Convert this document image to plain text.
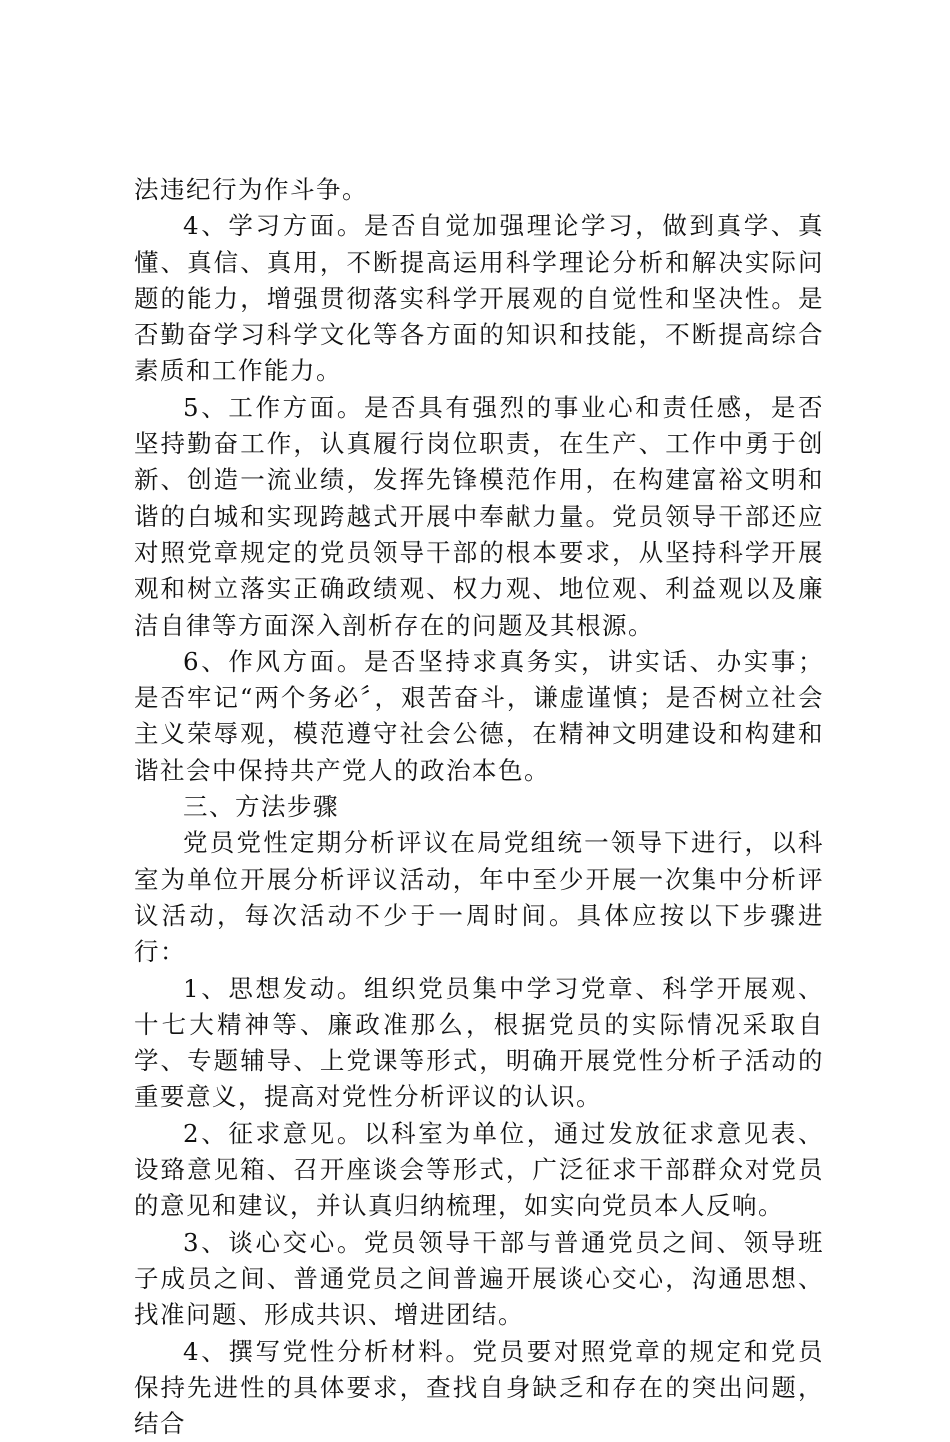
法违纪行为作斗争。

4、学习方面。是否自觉加强理论学习，做到真学、真懂、真信、真用，不断提高运用科学理论分析和解决实际问题的能力，增强贯彻落实科学开展观的自觉性和坚决性。是否勤奋学习科学文化等各方面的知识和技能，不断提高综合素质和工作能力。

5、工作方面。是否具有强烈的事业心和责任感，是否坚持勤奋工作，认真履行岗位职责，在生产、工作中勇于创新、创造一流业绩，发挥先锋模范作用，在构建富裕文明和谐的白城和实现跨越式开展中奉献力量。党员领导干部还应对照党章规定的党员领导干部的根本要求，从坚持科学开展观和树立落实正确政绩观、权力观、地位观、利益观以及廉洁自律等方面深入剖析存在的问题及其根源。

6、作风方面。是否坚持求真务实，讲实话、办实事；是否牢记“两个务必〞，艰苦奋斗，谦虚谨慎；是否树立社会主义荣辱观，模范遵守社会公德，在精神文明建设和构建和谐社会中保持共产党人的政治本色。

三、方法步骤

党员党性定期分析评议在局党组统一领导下进行，以科室为单位开展分析评议活动，年中至少开展一次集中分析评议活动，每次活动不少于一周时间。具体应按以下步骤进行：

1、思想发动。组织党员集中学习党章、科学开展观、十七大精神等、廉政准那么，根据党员的实际情况采取自学、专题辅导、上党课等形式，明确开展党性分析子活动的重要意义，提高对党性分析评议的认识。

2、征求意见。以科室为单位，通过发放征求意见表、设臵意见箱、召开座谈会等形式，广泛征求干部群众对党员的意见和建议，并认真归纳梳理，如实向党员本人反响。

3、谈心交心。党员领导干部与普通党员之间、领导班子成员之间、普通党员之间普遍开展谈心交心，沟通思想、找准问题、形成共识、增进团结。

4、撰写党性分析材料。党员要对照党章的规定和党员保持先进性的具体要求，查找自身缺乏和存在的突出问题，结合
